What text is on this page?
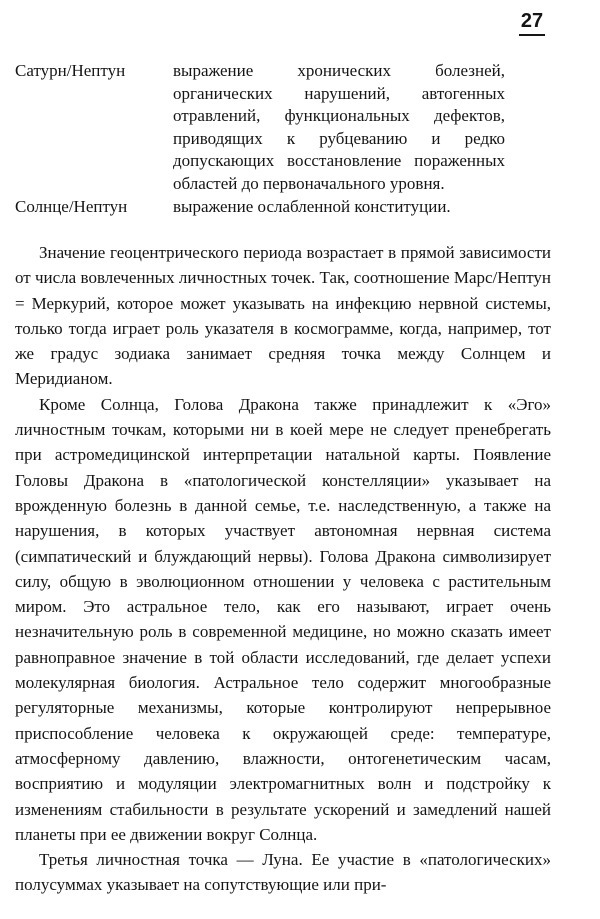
27
Сатурн/Нептун	выражение хронических болезней, органических нарушений, автогенных отравлений, функциональных дефектов, приводящих к рубцеванию и редко допускающих восстановление пораженных областей до первоначального уровня.
Солнце/Нептун	выражение ослабленной конституции.

Значение геоцентрического периода возрастает в прямой зависимости от числа вовлеченных личностных точек. Так, соотношение Марс/Нептун = Меркурий, которое может указывать на инфекцию нервной системы, только тогда играет роль указателя в космограмме, когда, например, тот же градус зодиака занимает средняя точка между Солнцем и Меридианом.

Кроме Солнца, Голова Дракона также принадлежит к «Эго» личностным точкам, которыми ни в коей мере не следует пренебрегать при астромедицинской интерпретации натальной карты. Появление Головы Дракона в «патологической констелляции» указывает на врожденную болезнь в данной семье, т.е. наследственную, а также на нарушения, в которых участвует автономная нервная система (симпатический и блуждающий нервы). Голова Дракона символизирует силу, общую в эволюционном отношении у человека с растительным миром. Это астральное тело, как его называют, играет очень незначительную роль в современной медицине, но можно сказать имеет равноправное значение в той области исследований, где делает успехи молекулярная биология. Астральное тело содержит многообразные регуляторные механизмы, которые контролируют непрерывное приспособление человека к окружающей среде: температуре, атмосферному давлению, влажности, онтогенетическим часам, восприятию и модуляции электромагнитных волн и подстройку к изменениям стабильности в результате ускорений и замедлений нашей планеты при ее движении вокруг Солнца.

Третья личностная точка — Луна. Ее участие в «патологических» полусуммах указывает на сопутствующие или при-
